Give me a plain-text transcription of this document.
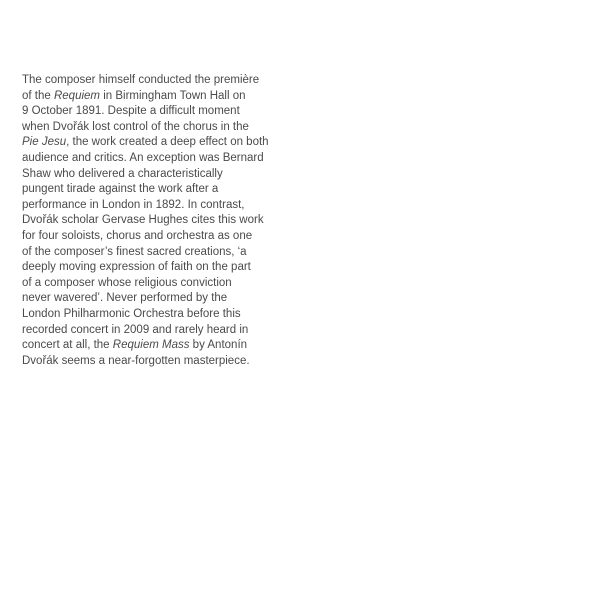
The composer himself conducted the première
of the Requiem in Birmingham Town Hall on
9 October 1891. Despite a difficult moment
when Dvořák lost control of the chorus in the
Pie Jesu, the work created a deep effect on both
audience and critics. An exception was Bernard
Shaw who delivered a characteristically
pungent tirade against the work after a
performance in London in 1892. In contrast,
Dvořák scholar Gervase Hughes cites this work
for four soloists, chorus and orchestra as one
of the composer’s finest sacred creations, ‘a
deeply moving expression of faith on the part
of a composer whose religious conviction
never wavered’. Never performed by the
London Philharmonic Orchestra before this
recorded concert in 2009 and rarely heard in
concert at all, the Requiem Mass by Antonín
Dvořák seems a near-forgotten masterpiece.
